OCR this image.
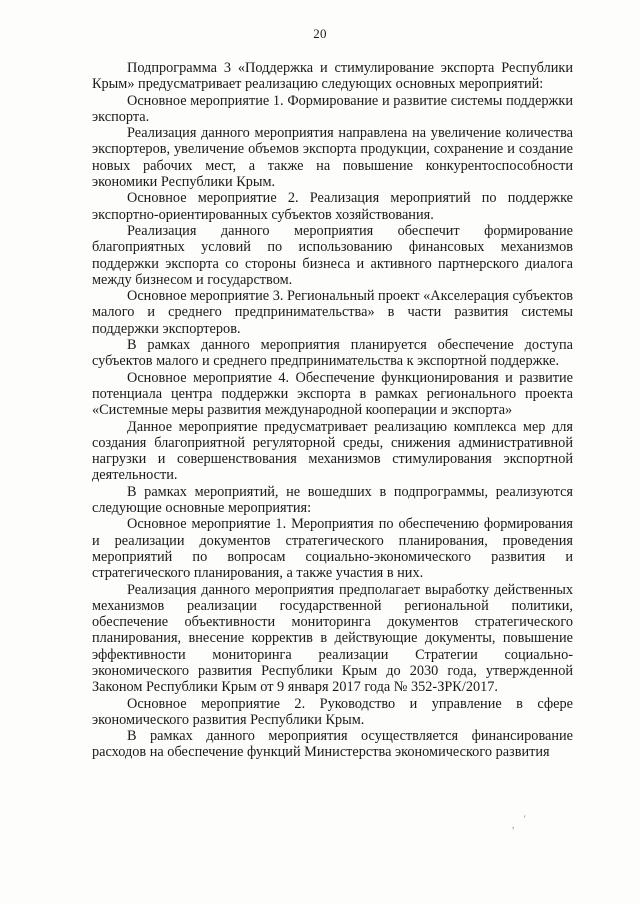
20

Подпрограмма 3 «Поддержка и стимулирование экспорта Республики Крым» предусматривает реализацию следующих основных мероприятий:

Основное мероприятие 1. Формирование и развитие системы поддержки экспорта.

Реализация данного мероприятия направлена на увеличение количества экспортеров, увеличение объемов экспорта продукции, сохранение и создание новых рабочих мест, а также на повышение конкурентоспособности экономики Республики Крым.

Основное мероприятие 2. Реализация мероприятий по поддержке экспортно-ориентированных субъектов хозяйствования.

Реализация данного мероприятия обеспечит формирование благоприятных условий по использованию финансовых механизмов поддержки экспорта со стороны бизнеса и активного партнерского диалога между бизнесом и государством.

Основное мероприятие 3. Региональный проект «Акселерация субъектов малого и среднего предпринимательства» в части развития системы поддержки экспортеров.

В рамках данного мероприятия планируется обеспечение доступа субъектов малого и среднего предпринимательства к экспортной поддержке.

Основное мероприятие 4. Обеспечение функционирования и развитие потенциала центра поддержки экспорта в рамках регионального проекта «Системные меры развития международной кооперации и экспорта»

Данное мероприятие предусматривает реализацию комплекса мер для создания благоприятной регуляторной среды, снижения административной нагрузки и совершенствования механизмов стимулирования экспортной деятельности.

В рамках мероприятий, не вошедших в подпрограммы, реализуются следующие основные мероприятия:

Основное мероприятие 1. Мероприятия по обеспечению формирования и реализации документов стратегического планирования, проведения мероприятий по вопросам социально-экономического развития и стратегического планирования, а также участия в них.

Реализация данного мероприятия предполагает выработку действенных механизмов реализации государственной региональной политики, обеспечение объективности мониторинга документов стратегического планирования, внесение корректив в действующие документы, повышение эффективности мониторинга реализации Стратегии социально-экономического развития Республики Крым до 2030 года, утвержденной Законом Республики Крым от 9 января 2017 года № 352-ЗРК/2017.

Основное мероприятие 2. Руководство и управление в сфере экономического развития Республики Крым.

В рамках данного мероприятия осуществляется финансирование расходов на обеспечение функций Министерства экономического развития

,
'
